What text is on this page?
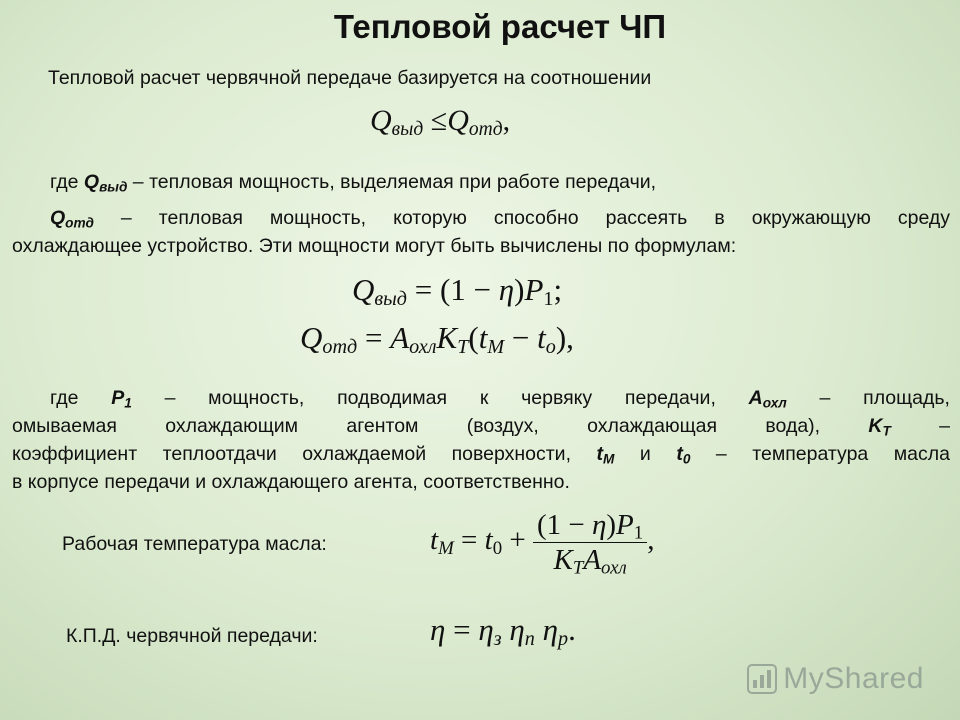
Тепловой расчет ЧП
Тепловой расчет червячной передаче базируется на соотношении
$Q_{выд} \le Q_{отд}$,
где $Q_{выд}$ – тепловая мощность, выделяемая при работе передачи,
$Q_{отд}$ – тепловая мощность, которую способно рассеять в окружающую среду
охлаждающее устройство. Эти мощности могут быть вычислены по формулам:
$Q_{выд} = (1 - \eta)P_1$;
$Q_{отд} = A_{охл}K_T(t_M - t_o)$,
где $P_1$ – мощность, подводимая к червяку передачи, $A_{охл}$ – площадь,
омываемая охлаждающим агентом (воздух, охлаждающая вода), $K_T$ –
коэффициент теплоотдачи охлаждаемой поверхности, $t_M$ и $t_0$ – температура масла
в корпусе передачи и охлаждающего агента, соответственно.
Рабочая температура масла:	$t_M = t_0 + \frac{(1 - \eta)P_1}{K_TA_{охл}}$ ,
К.П.Д. червячной передачи:	$\eta = \eta_з$ $\eta_п$ $\eta_р$.
MyShared
